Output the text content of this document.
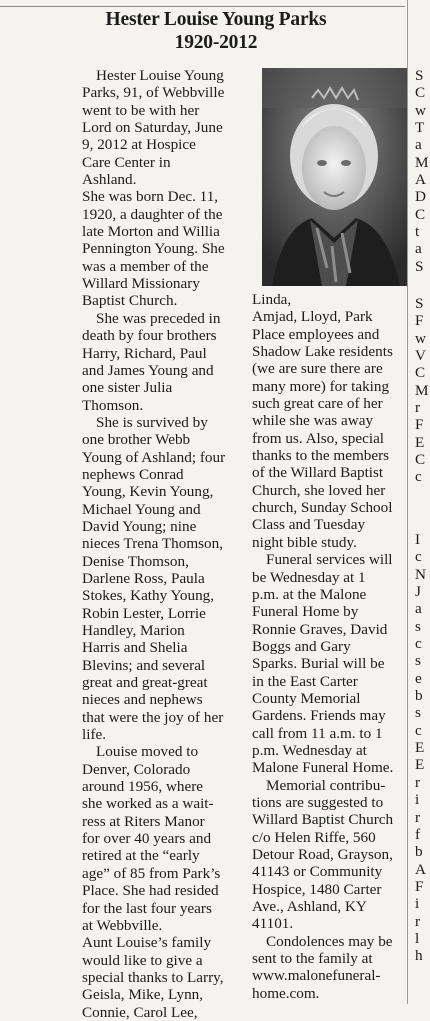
Hester Louise Young Parks
1920-2012
Hester Louise Young
Parks, 91, of Webbville
went to be with her
Lord on Saturday, June
9, 2012 at Hospice
Care Center in
Ashland.
She was born Dec. 11,
1920, a daughter of the
late Morton and Willia
Pennington Young. She
was a member of the
Willard Missionary
Baptist Church.
She was preceded in
death by four brothers
Harry, Richard, Paul
and James Young and
one sister Julia
Thomson.
She is survived by
one brother Webb
Young of Ashland; four
nephews Conrad
Young, Kevin Young,
Michael Young and
David Young; nine
nieces Trena Thomson,
Denise Thomson,
Darlene Ross, Paula
Stokes, Kathy Young,
Robin Lester, Lorrie
Handley, Marion
Harris and Shelia
Blevins; and several
great and great-great
nieces and nephews
that were the joy of her
life.
Louise moved to
Denver, Colorado
around 1956, where
she worked as a wait-
ress at Riters Manor
for over 40 years and
retired at the “early
age” of 85 from Park’s
Place. She had resided
for the last four years
at Webbville.
Aunt Louise’s family
would like to give a
special thanks to Larry,
Geisla, Mike, Lynn,
Connie, Carol Lee,
Linda,
Amjad, Lloyd, Park
Place employees and
Shadow Lake residents
(we are sure there are
many more) for taking
such great care of her
while she was away
from us. Also, special
thanks to the members
of the Willard Baptist
Church, she loved her
church, Sunday School
Class and Tuesday
night bible study.
Funeral services will
be Wednesday at 1
p.m. at the Malone
Funeral Home by
Ronnie Graves, David
Boggs and Gary
Sparks. Burial will be
in the East Carter
County Memorial
Gardens. Friends may
call from 11 a.m. to 1
p.m. Wednesday at
Malone Funeral Home.
Memorial contribu-
tions are suggested to
Willard Baptist Church
c/o Helen Riffe, 560
Detour Road, Grayson,
41143 or Community
Hospice, 1480 Carter
Ave., Ashland, KY
41101.
Condolences may be
sent to the family at
www.malonefuneral-
home.com.
S
C
w
T
a
M
A
D
C
t
a
S
S
F
w
V
C
M
r
F
E
C
c
I
c
N
J
a
s
c
s
e
b
s
c
E
E
r
i
r
f
b
A
F
i
r
l
h
